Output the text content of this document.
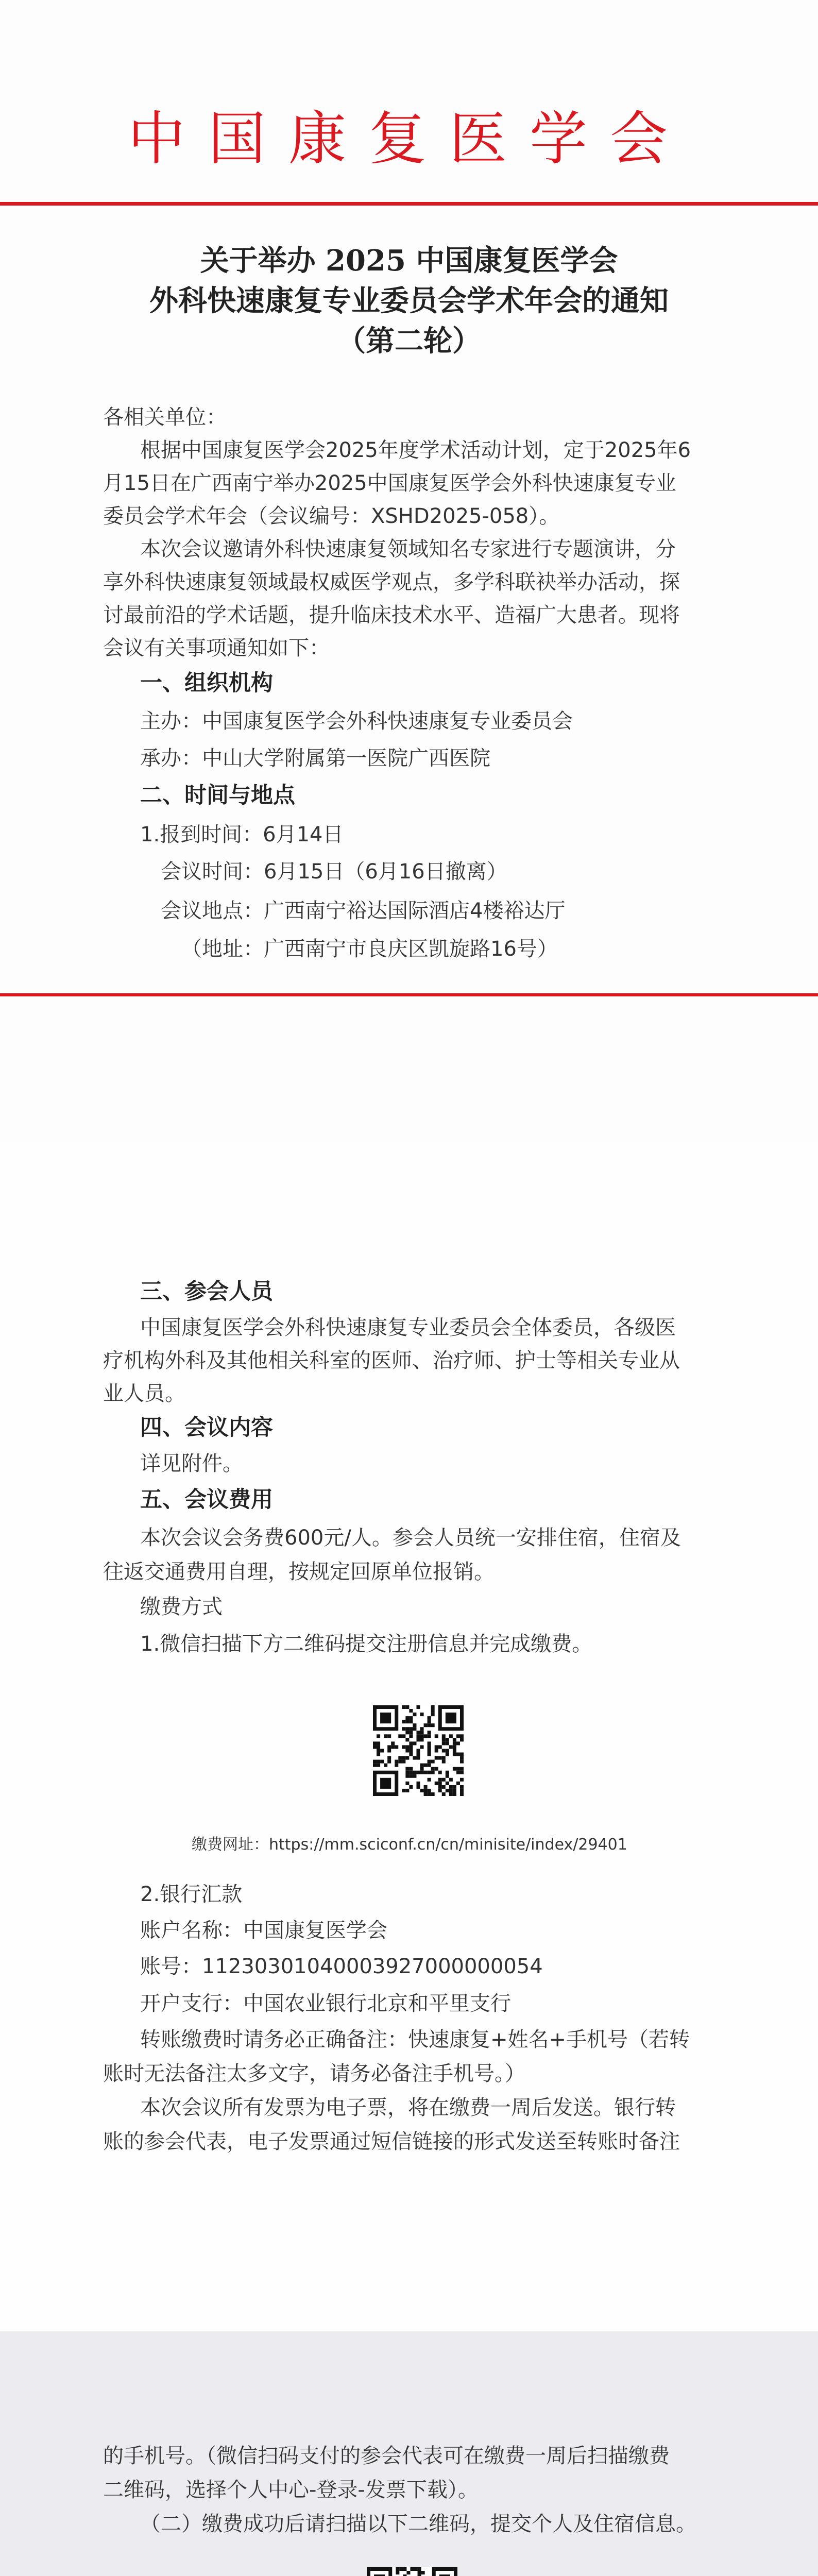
中国康复医学会
关于举办 2025 中国康复医学会
外科快速康复专业委员会学术年会的通知
（第二轮）
各相关单位：
根据中国康复医学会2025年度学术活动计划，定于2025年6
月15日在广西南宁举办2025中国康复医学会外科快速康复专业
委员会学术年会（会议编号：XSHD2025-058）。
本次会议邀请外科快速康复领域知名专家进行专题演讲，分
享外科快速康复领域最权威医学观点，多学科联袂举办活动，探
讨最前沿的学术话题，提升临床技术水平、造福广大患者。现将
会议有关事项通知如下：
一、组织机构
主办：中国康复医学会外科快速康复专业委员会
承办：中山大学附属第一医院广西医院
二、时间与地点
1.报到时间：6月14日
会议时间：6月15日（6月16日撤离）
会议地点：广西南宁裕达国际酒店4楼裕达厅
（地址：广西南宁市良庆区凯旋路16号）
三、参会人员
中国康复医学会外科快速康复专业委员会全体委员，各级医
疗机构外科及其他相关科室的医师、治疗师、护士等相关专业从
业人员。
四、会议内容
详见附件。
五、会议费用
本次会议会务费600元/人。参会人员统一安排住宿，住宿及
往返交通费用自理，按规定回原单位报销。
缴费方式
1.微信扫描下方二维码提交注册信息并完成缴费。
缴费网址：https://mm.sciconf.cn/cn/minisite/index/29401
2.银行汇款
账户名称：中国康复医学会
账号：11230301040003927000000054
开户支行：中国农业银行北京和平里支行
转账缴费时请务必正确备注：快速康复+姓名+手机号（若转
账时无法备注太多文字，请务必备注手机号。）
本次会议所有发票为电子票，将在缴费一周后发送。银行转
账的参会代表，电子发票通过短信链接的形式发送至转账时备注
的手机号。（微信扫码支付的参会代表可在缴费一周后扫描缴费
二维码，选择个人中心-登录-发票下载）。
（二）缴费成功后请扫描以下二维码，提交个人及住宿信息。
